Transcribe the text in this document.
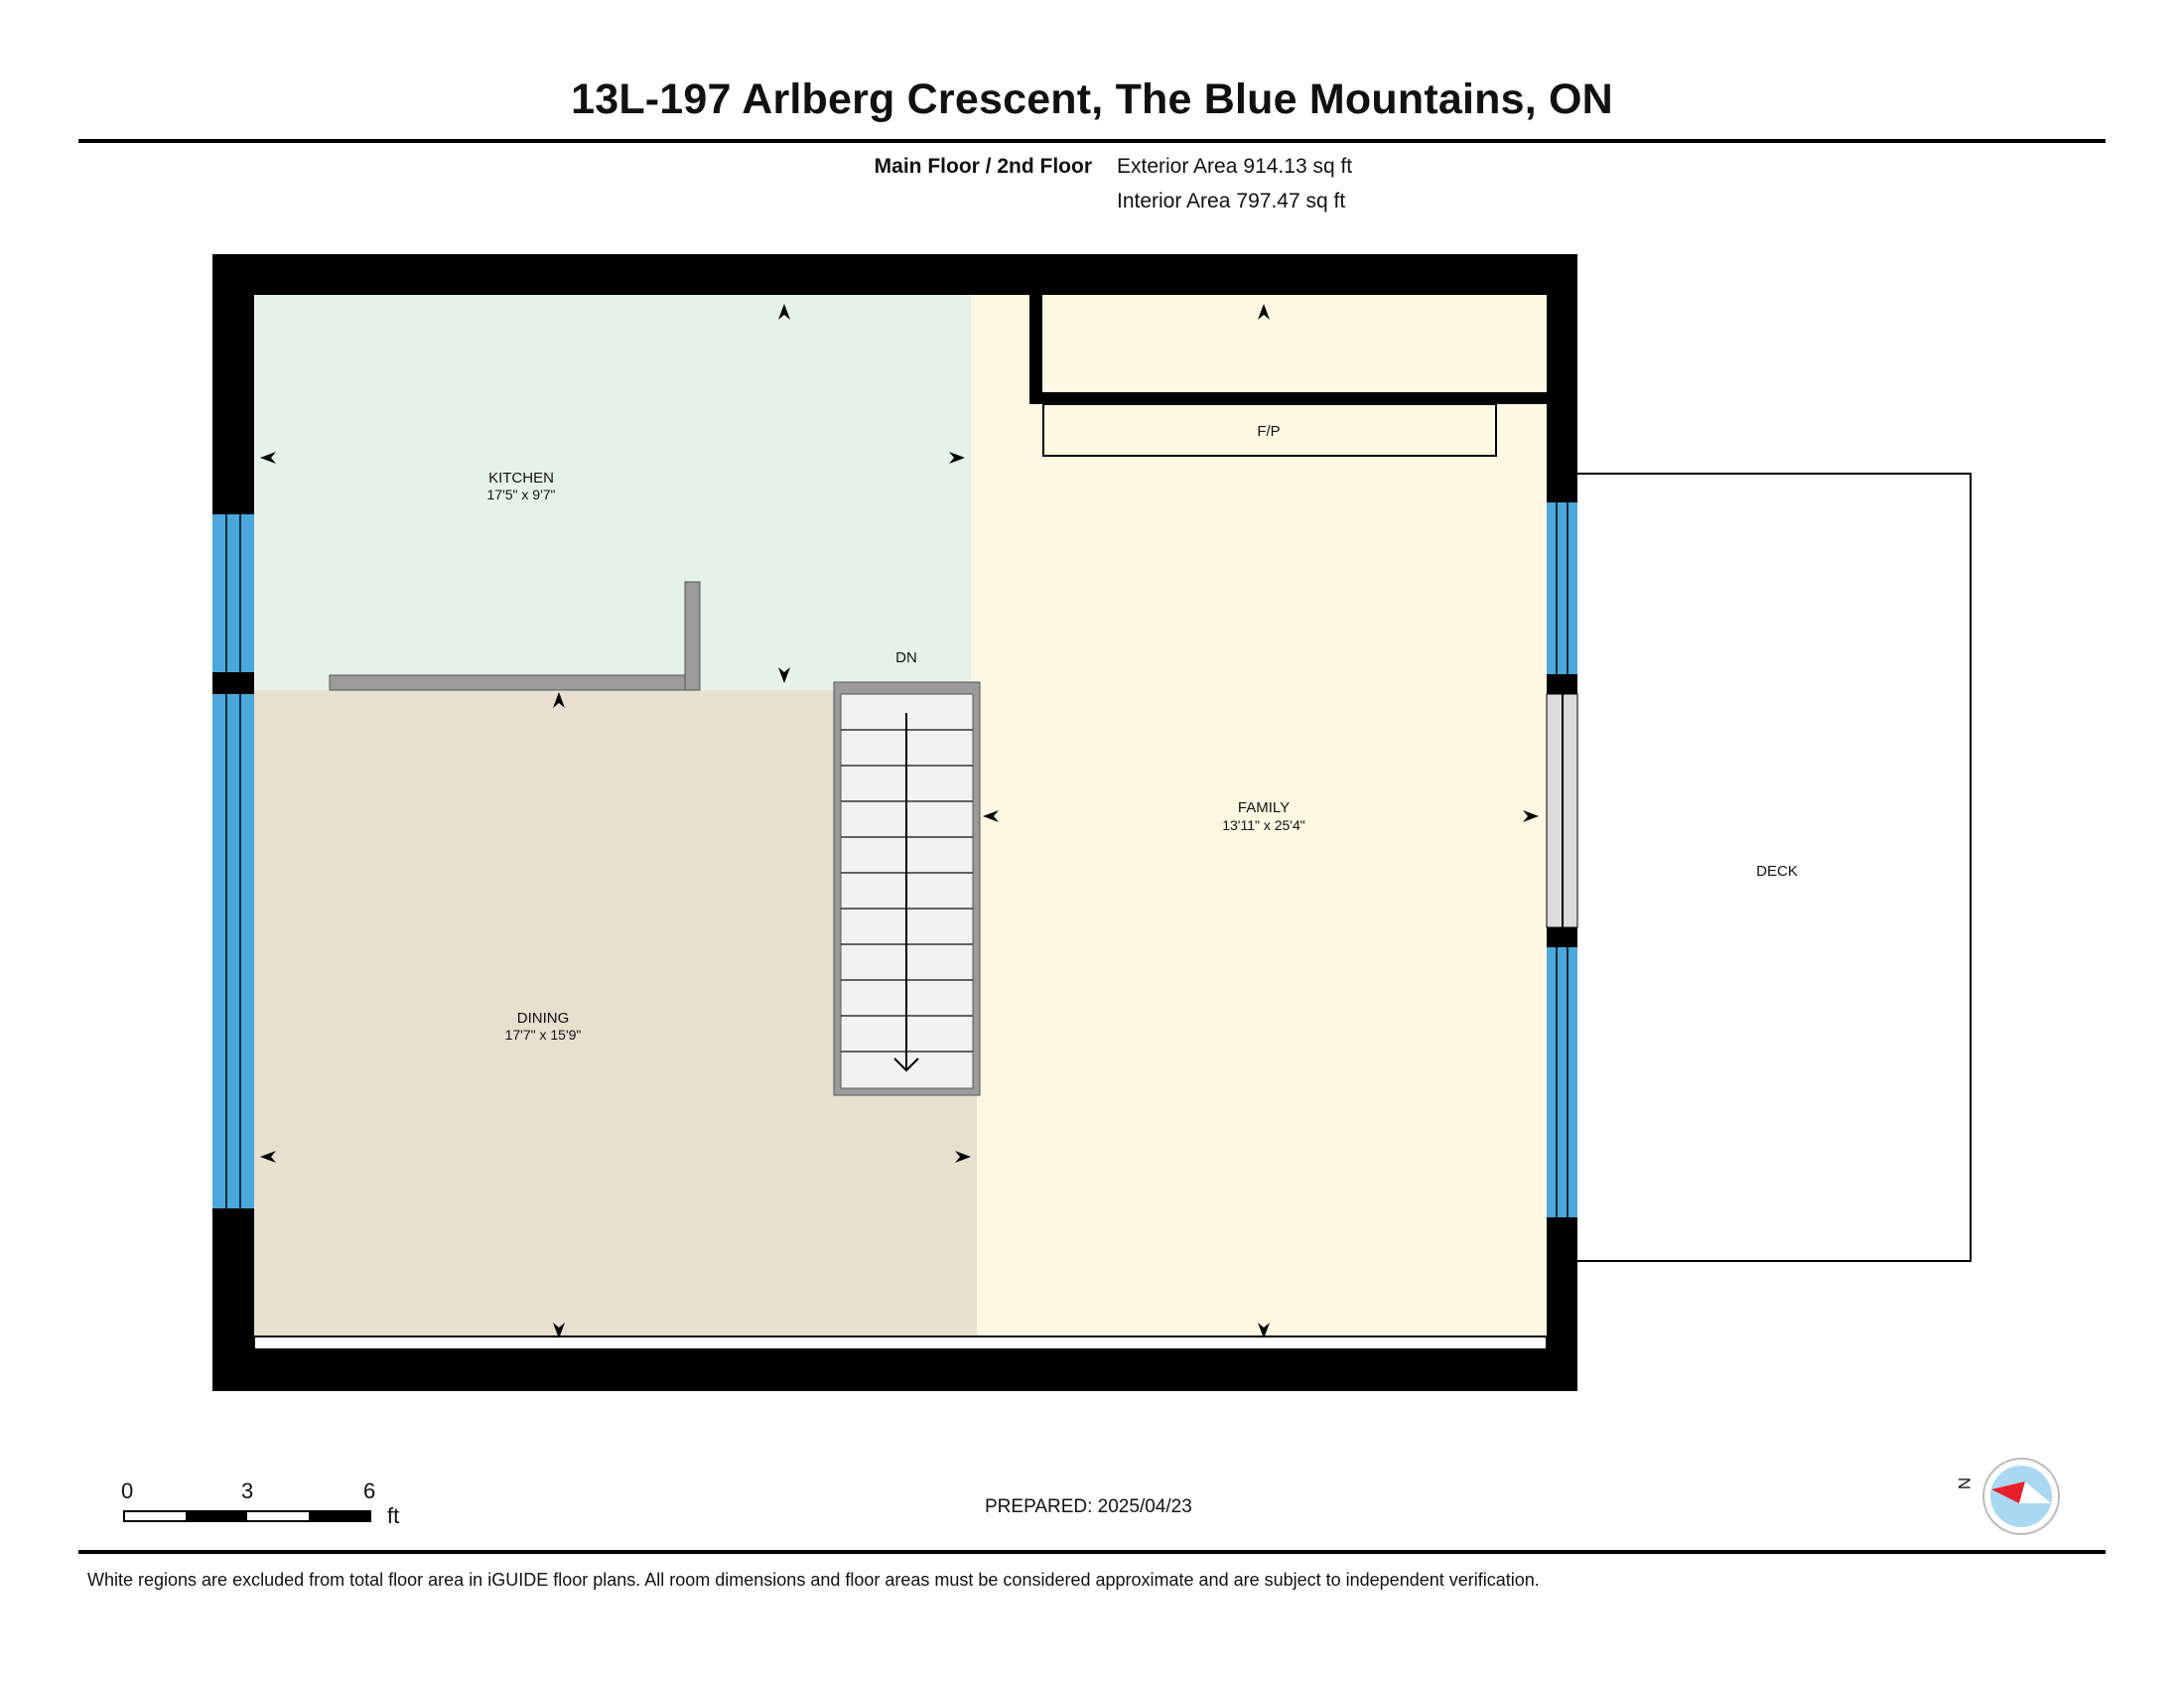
13L-197 Arlberg Crescent, The Blue Mountains, ON
Main Floor / 2nd Floor Exterior Area 914.13 sq ft
Interior Area 797.47 sq ft
KITCHEN
17'5" x 9'7"
DINING
17'7" x 15'9"
FAMILY
13'11" x 25'4"
DECK
F/P
DN
0	3	6
ft
N
PREPARED: 2025/04/23
White regions are excluded from total floor area in iGUIDE floor plans. All room dimensions and floor areas must be considered approximate and are subject to independent verification.
